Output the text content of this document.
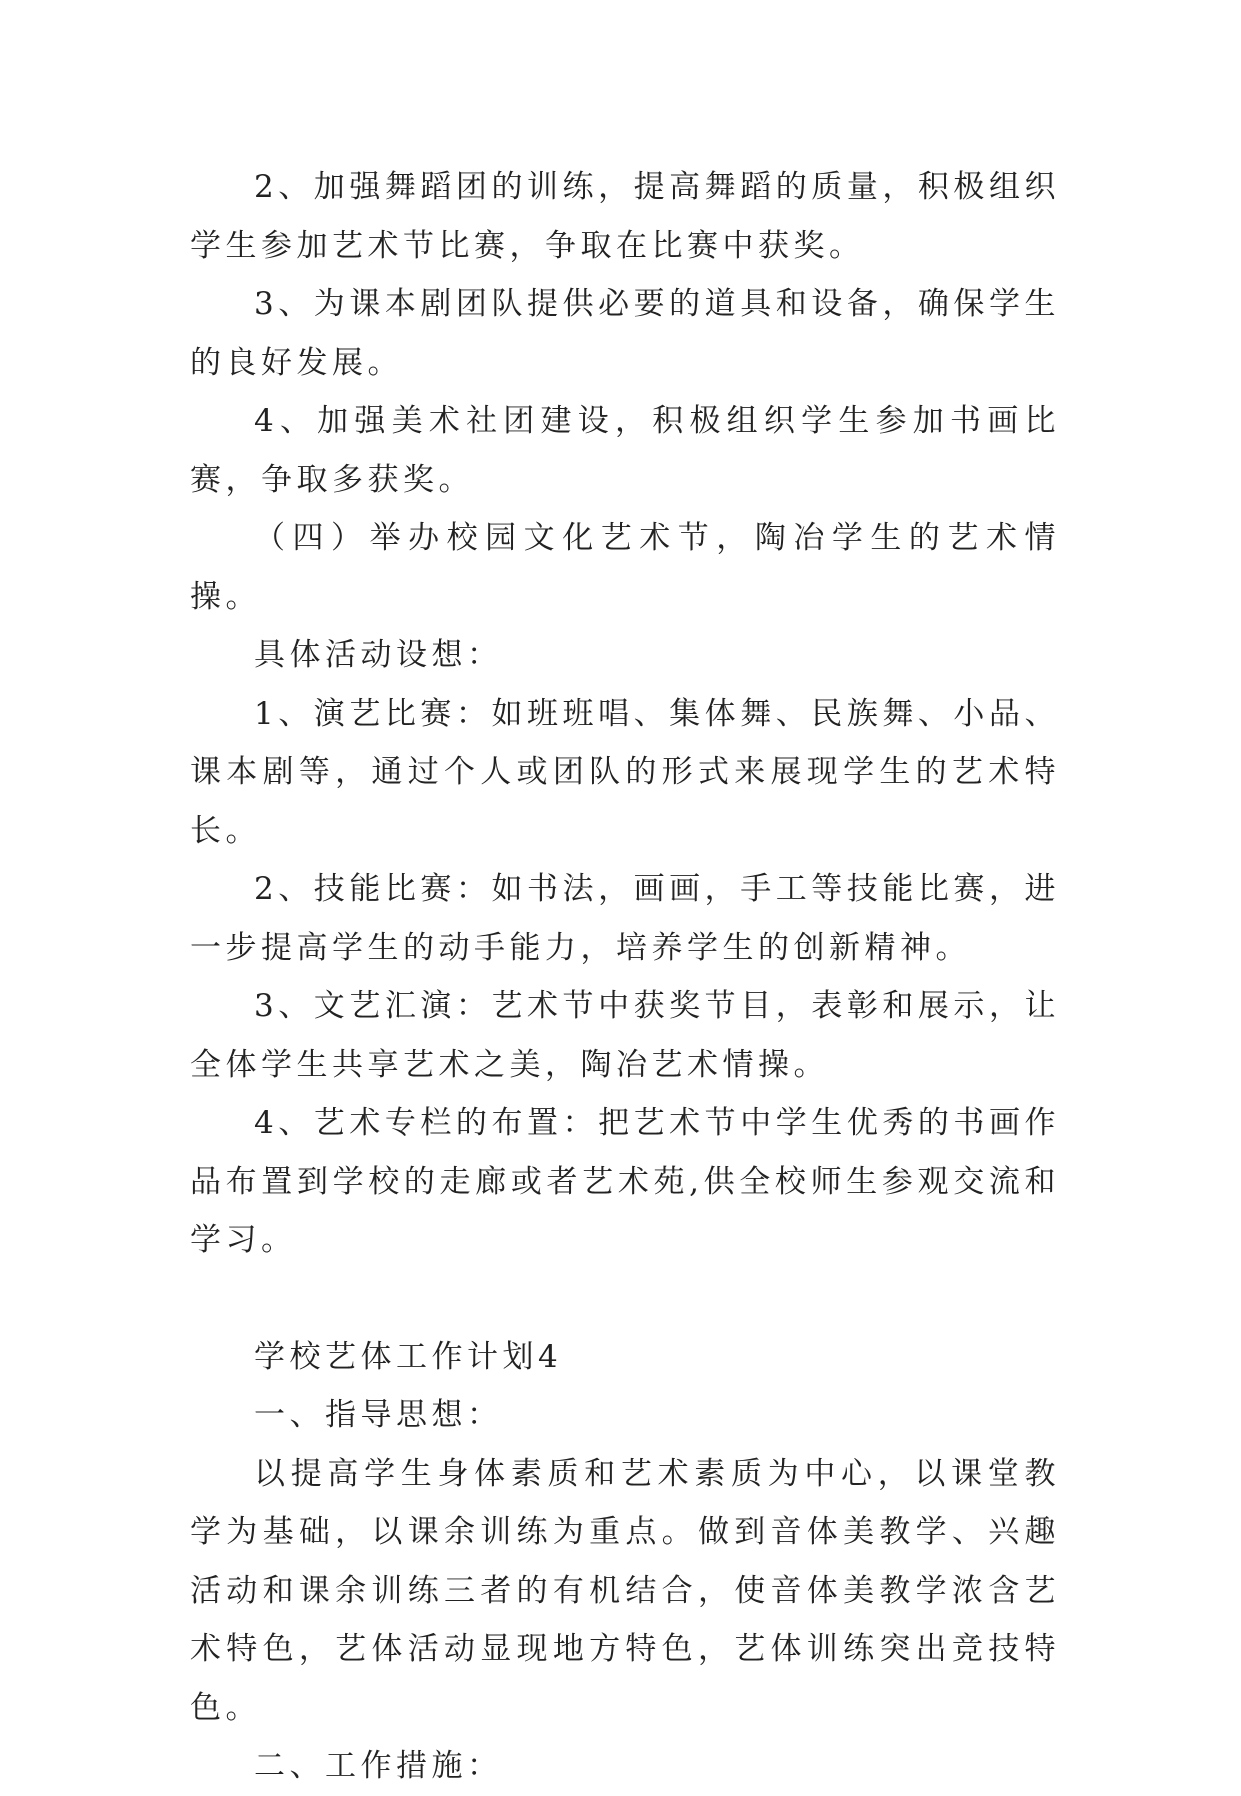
2、加强舞蹈团的训练，提高舞蹈的质量，积极组织学生参加艺术节比赛，争取在比赛中获奖。

3、为课本剧团队提供必要的道具和设备，确保学生的良好发展。

4、加强美术社团建设，积极组织学生参加书画比赛，争取多获奖。

（四）举办校园文化艺术节，陶冶学生的艺术情操。

具体活动设想：

1、演艺比赛：如班班唱、集体舞、民族舞、小品、课本剧等，通过个人或团队的形式来展现学生的艺术特长。

2、技能比赛：如书法，画画，手工等技能比赛，进一步提高学生的动手能力，培养学生的创新精神。

3、文艺汇演：艺术节中获奖节目，表彰和展示，让全体学生共享艺术之美，陶冶艺术情操。

4、艺术专栏的布置：把艺术节中学生优秀的书画作品布置到学校的走廊或者艺术苑,供全校师生参观交流和学习。

学校艺体工作计划4

一、指导思想：

以提高学生身体素质和艺术素质为中心，以课堂教学为基础，以课余训练为重点。做到音体美教学、兴趣活动和课余训练三者的有机结合，使音体美教学浓含艺术特色，艺体活动显现地方特色，艺体训练突出竞技特色。

二、工作措施：
